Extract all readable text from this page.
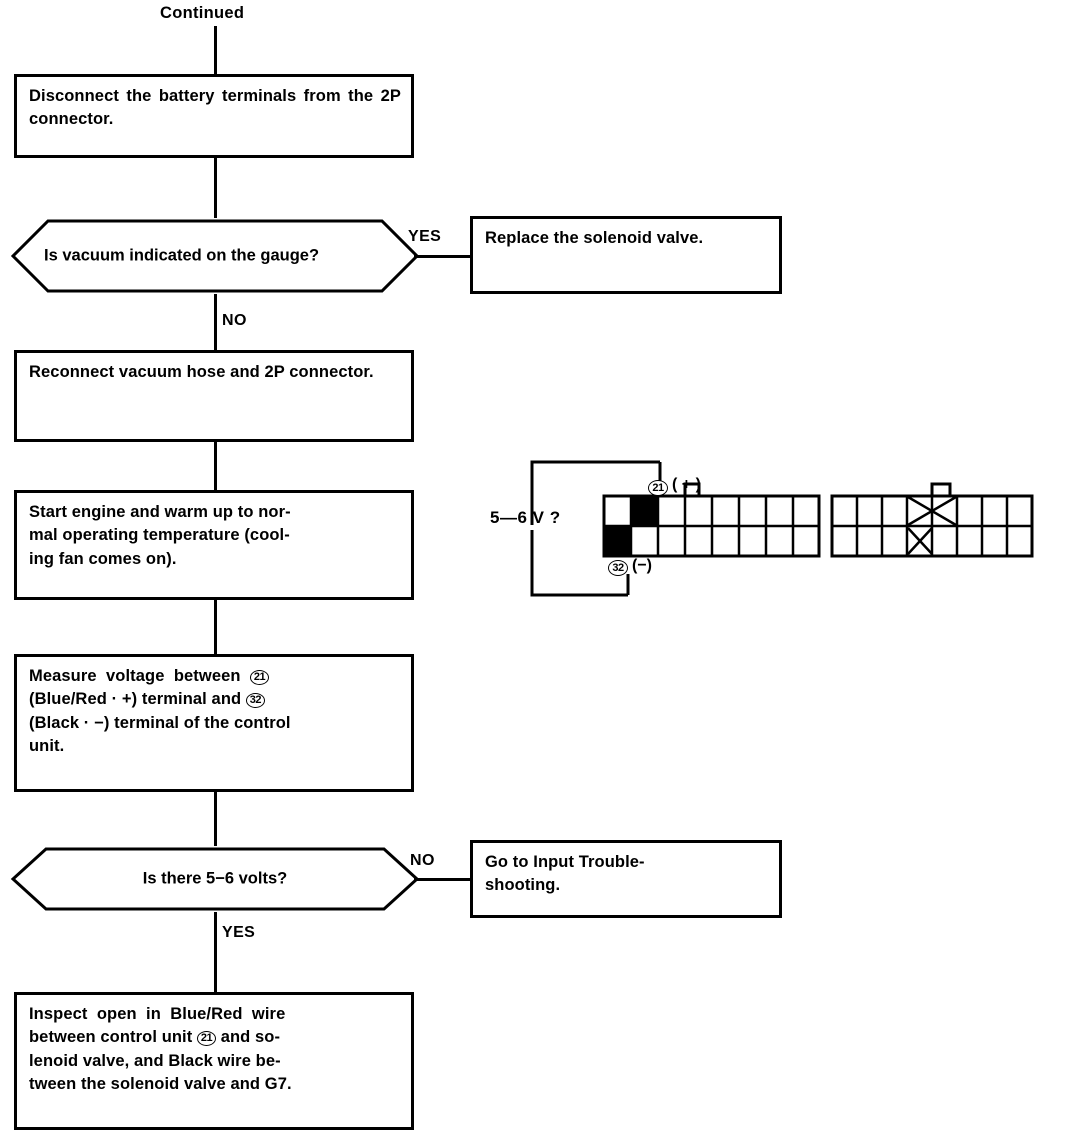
Continued
Disconnect the battery terminals from the 2P connector.
Is vacuum indicated on the gauge?
YES	Replace the solenoid valve.
NO
Reconnect vacuum hose and 2P connector.
Start engine and warm up to nor-
mal operating temperature (cool-
ing fan comes on).
Measure  voltage  between  21
(Blue/Red · +) terminal and 32
(Black · −) terminal of the control
unit.
Is there 5−6 volts?
NO	Go to Input Trouble-
shooting.
YES
Inspect  open  in  Blue/Red  wire
between control unit 21 and so-
lenoid valve, and Black wire be-
tween the solenoid valve and G7.
5—6 V ?
21 ( + )
32 (−)
